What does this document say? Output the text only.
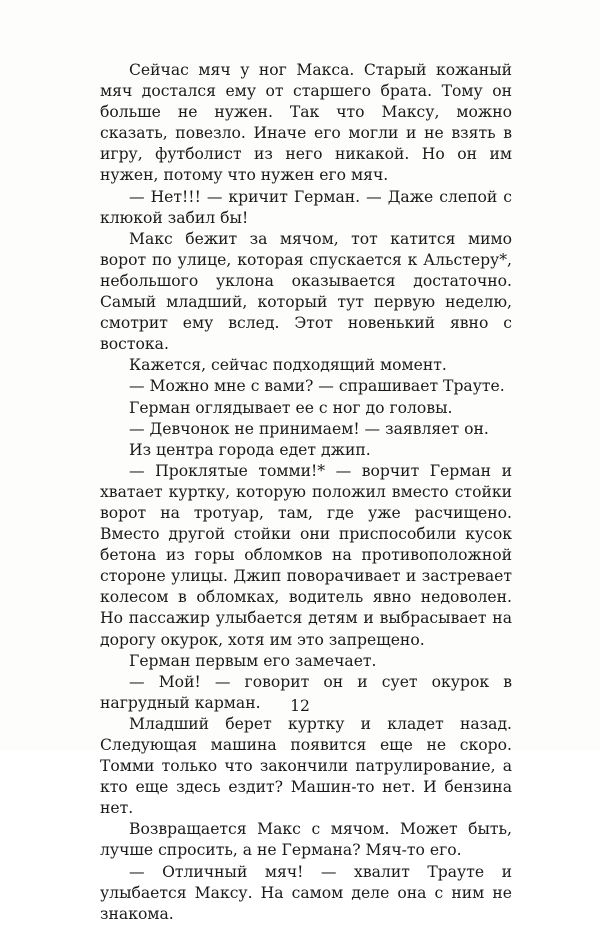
Сейчас мяч у ног Макса. Старый кожаный мяч достался ему от старшего брата. Тому он больше не нужен. Так что Максу, можно сказать, повезло. Иначе его могли и не взять в игру, футболист из него никакой. Но он им нужен, потому что нужен его мяч.

— Нет!!! — кричит Герман. — Даже слепой с клюкой забил бы!

Макс бежит за мячом, тот катится мимо ворот по улице, которая спускается к Альстеру*, небольшого уклона оказывается достаточно. Самый младший, который тут первую неделю, смотрит ему вслед. Этот новенький явно с востока.

Кажется, сейчас подходящий момент.

— Можно мне с вами? — спрашивает Траутe.

Герман оглядывает ее с ног до головы.

— Девчонок не принимаем! — заявляет он.

Из центра города едет джип.

— Проклятые томми!* — ворчит Герман и хватает куртку, которую положил вместо стойки ворот на тротуар, там, где уже расчищено. Вместо другой стойки они приспособили кусок бетона из горы обломков на противоположной стороне улицы. Джип поворачивает и застревает колесом в обломках, водитель явно недоволен. Но пассажир улыбается детям и выбрасывает на дорогу окурок, хотя им это запрещено.

Герман первым его замечает.

— Мой! — говорит он и сует окурок в нагрудный карман.

Младший берет куртку и кладет назад. Следующая машина появится еще не скоро. Томми только что закончили патрулирование, а кто еще здесь ездит? Машин-то нет. И бензина нет.

Возвращается Макс с мячом. Может быть, лучше спросить, а не Германа? Мяч-то его.

— Отличный мяч! — хвалит Траутe и улыбается Максу. На самом деле она с ним не знакома.

12
